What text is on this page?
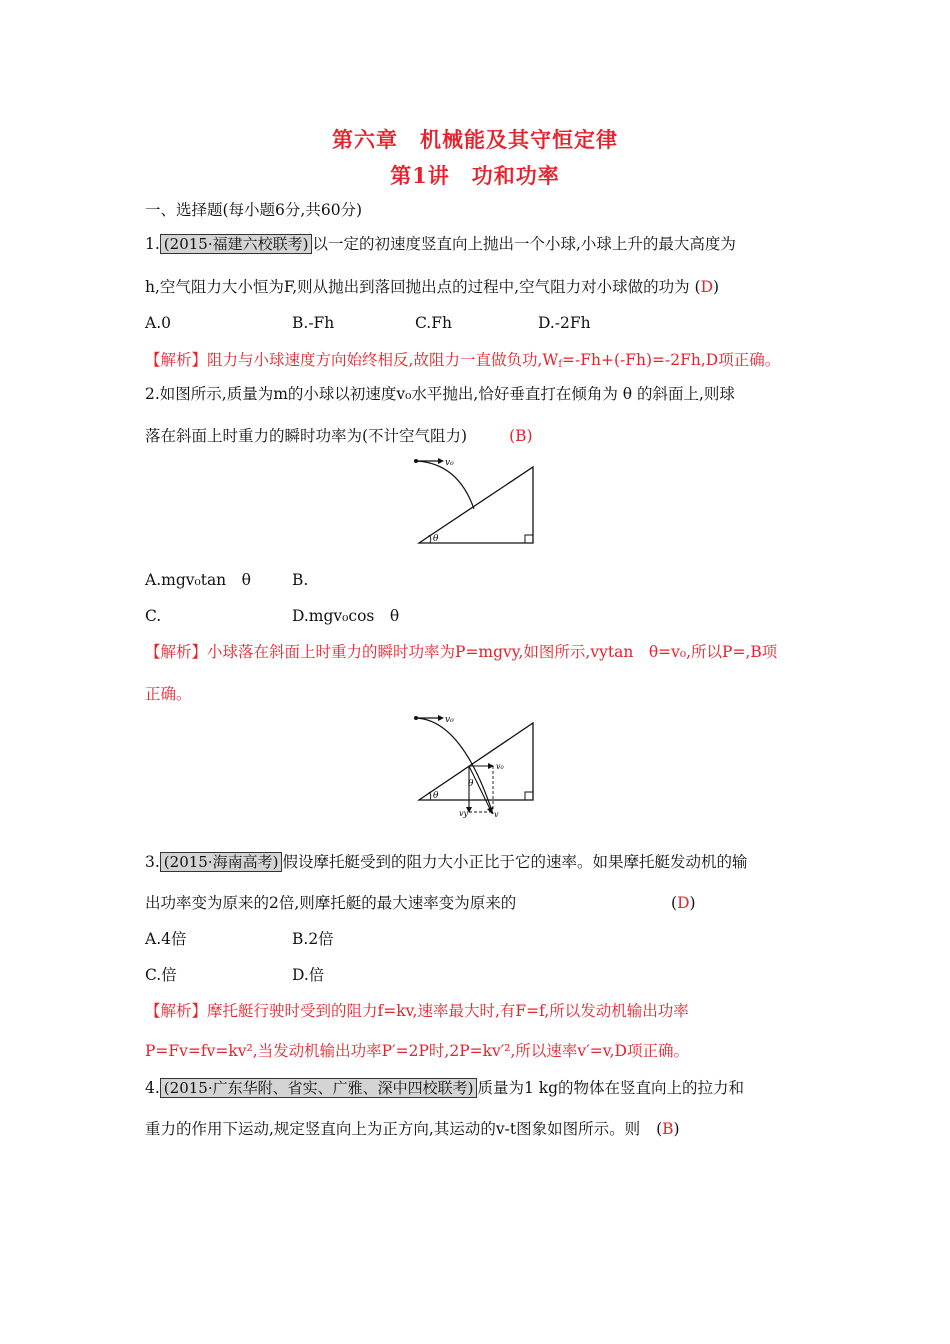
第六章　机械能及其守恒定律
第1讲　功和功率
一、选择题(每小题6分,共60分)
1. (2015·福建六校联考) 以一定的初速度竖直向上抛出一个小球,小球上升的最大高度为
h,空气阻力大小恒为F,则从抛出到落回抛出点的过程中,空气阻力对小球做的功为 (D)
A.0	B.-Fh	C.Fh	D.-2Fh
【解析】阻力与小球速度方向始终相反,故阻力一直做负功$,W_f=-Fh+(-Fh)=-2Fh,D$项正确。
2.如图所示,质量为m的小球以初速度v₀水平抛出,恰好垂直打在倾角为 θ 的斜面上,则球
落在斜面上时重力的瞬时功率为(不计空气阻力)	(B)
v₀
θ
A.mgv₀tan　θ	B.
C.	D.mgv₀cos　θ
【解析】小球落在斜面上时重力的瞬时功率为P=mgvy,如图所示,vytan　θ=v₀,所以P=,B项
正确。
v₀
v₀
θ
θ
vy	v
3. (2015·海南高考) 假设摩托艇受到的阻力大小正比于它的速率。如果摩托艇发动机的输
出功率变为原来的2倍,则摩托艇的最大速率变为原来的	(D)
A.4倍	B.2倍
C.倍	D.倍
【解析】摩托艇行驶时受到的阻力f=kv,速率最大时,有F=f,所以发动机输出功率
P=Fv=fv=kv²,当发动机输出功率P′=2P时,2P=kv′²,所以速率v′=v,D项正确。
4. (2015·广东华附、省实、广雅、深中四校联考) 质量为1 kg的物体在竖直向上的拉力和
重力的作用下运动,规定竖直向上为正方向,其运动的v-t图象如图所示。则 (B)
